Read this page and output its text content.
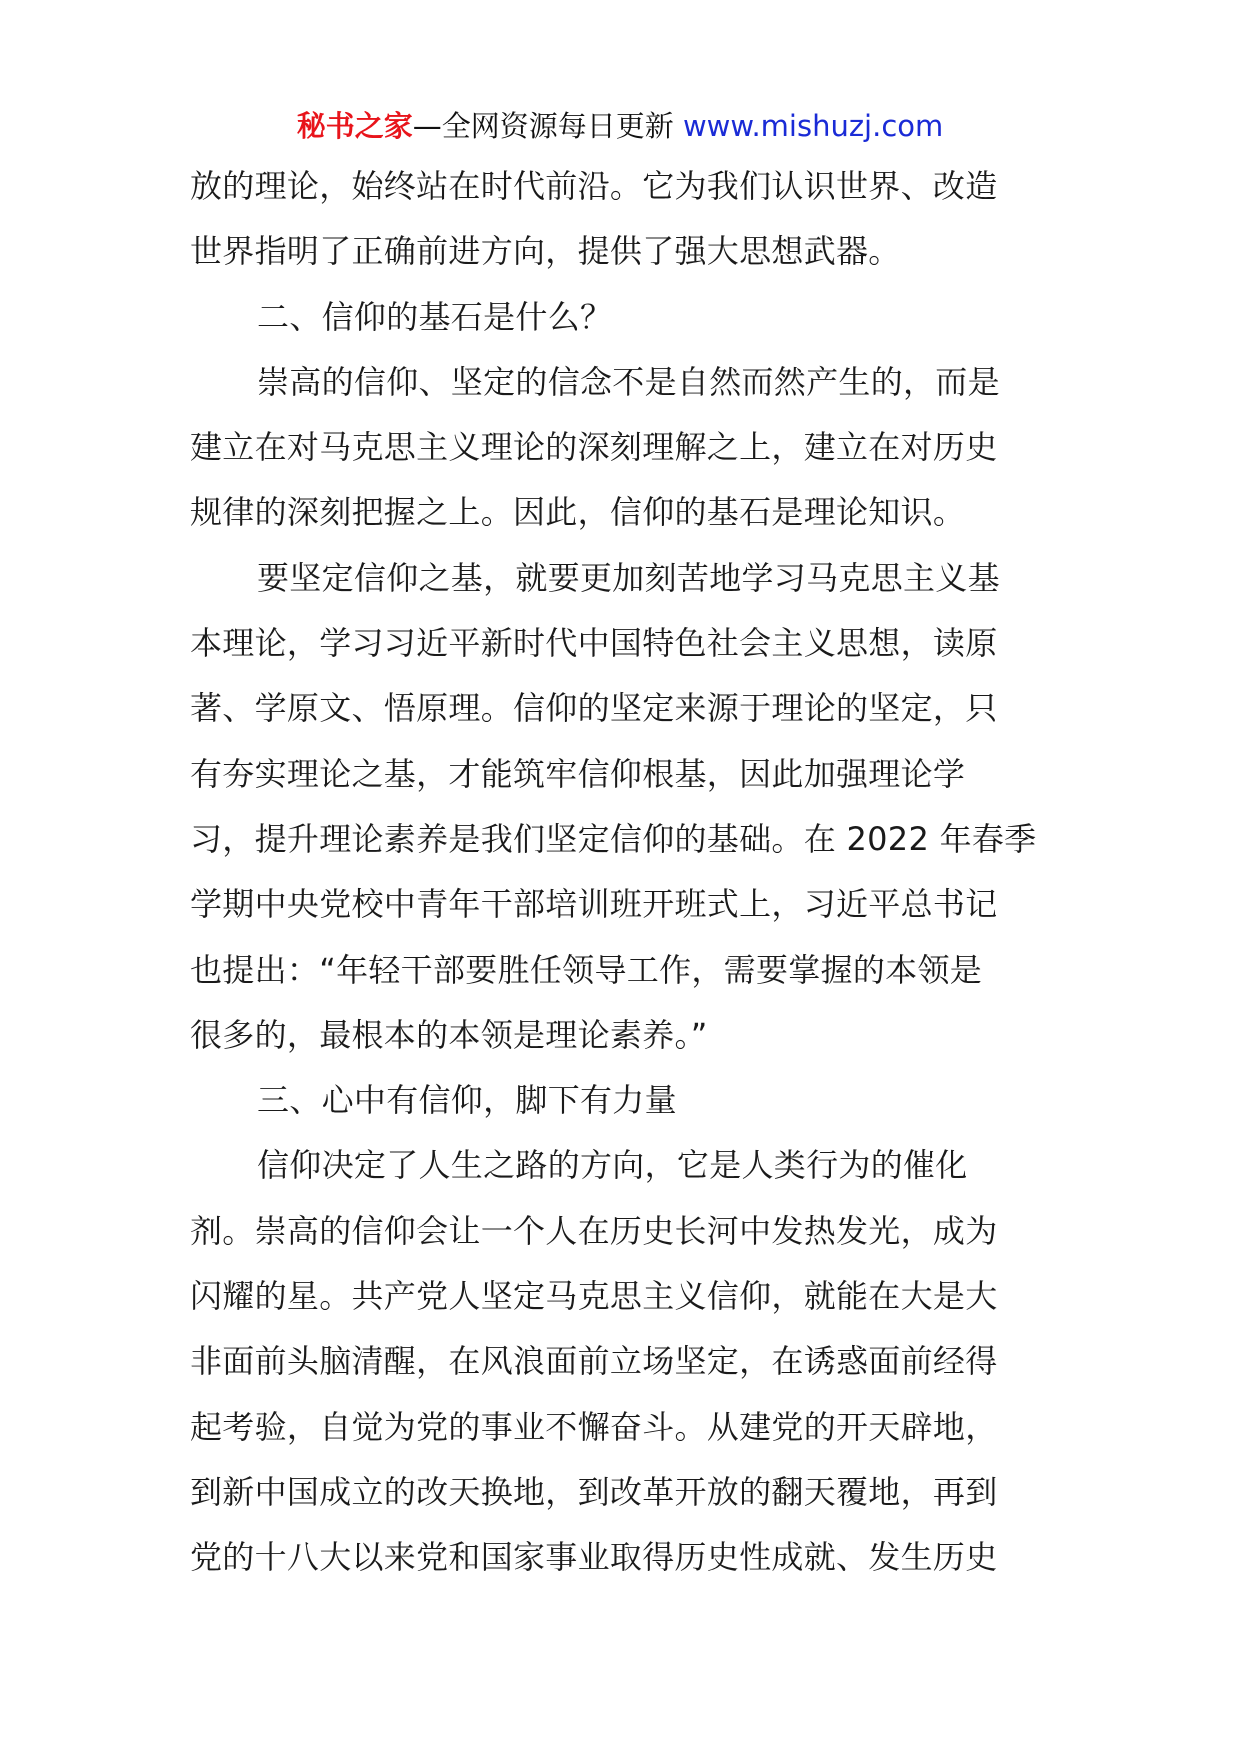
秘书之家—全网资源每日更新 www.mishuzj.com
放的理论，始终站在时代前沿。它为我们认识世界、改造
世界指明了正确前进方向，提供了强大思想武器。
二、信仰的基石是什么？
崇高的信仰、坚定的信念不是自然而然产生的，而是
建立在对马克思主义理论的深刻理解之上，建立在对历史
规律的深刻把握之上。因此，信仰的基石是理论知识。
要坚定信仰之基，就要更加刻苦地学习马克思主义基
本理论，学习习近平新时代中国特色社会主义思想，读原
著、学原文、悟原理。信仰的坚定来源于理论的坚定，只
有夯实理论之基，才能筑牢信仰根基，因此加强理论学
习，提升理论素养是我们坚定信仰的基础。在 2022 年春季
学期中央党校中青年干部培训班开班式上，习近平总书记
也提出：“年轻干部要胜任领导工作，需要掌握的本领是
很多的，最根本的本领是理论素养。”
三、心中有信仰，脚下有力量
信仰决定了人生之路的方向，它是人类行为的催化
剂。崇高的信仰会让一个人在历史长河中发热发光，成为
闪耀的星。共产党人坚定马克思主义信仰，就能在大是大
非面前头脑清醒，在风浪面前立场坚定，在诱惑面前经得
起考验，自觉为党的事业不懈奋斗。从建党的开天辟地，
到新中国成立的改天换地，到改革开放的翻天覆地，再到
党的十八大以来党和国家事业取得历史性成就、发生历史
